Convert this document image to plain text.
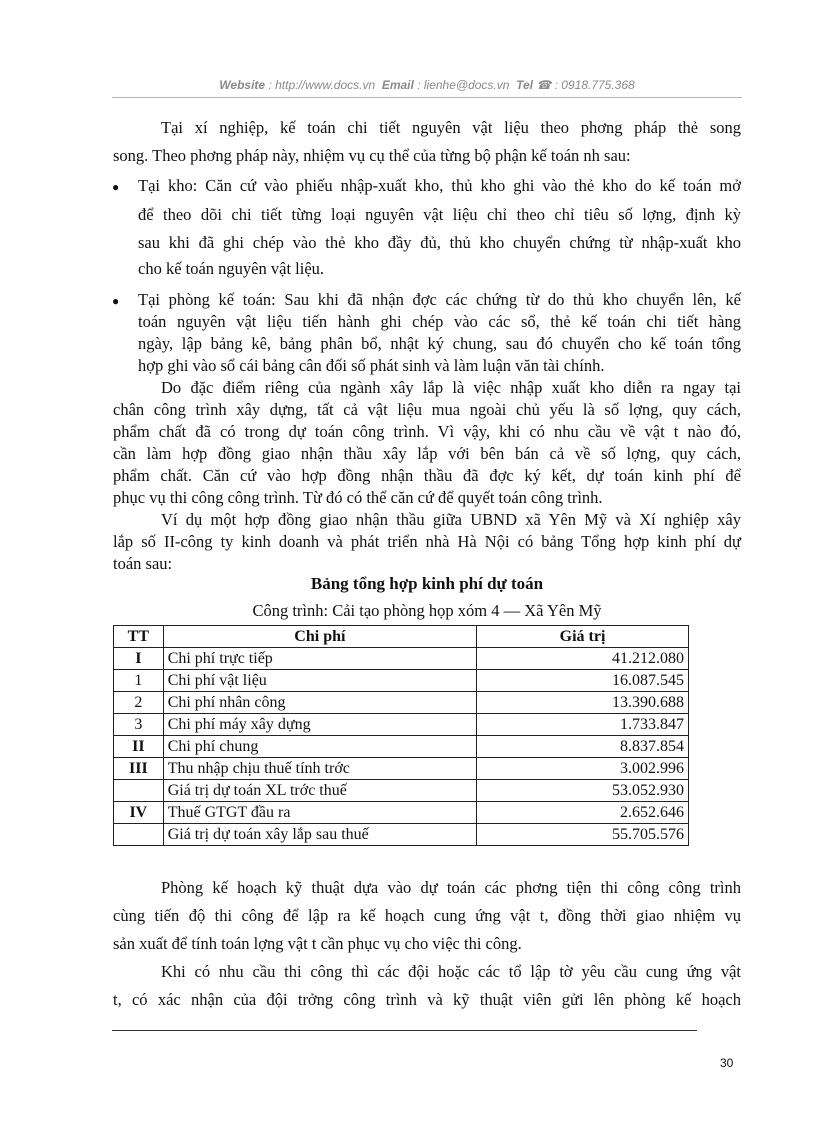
Website : http://www.docs.vn Email : lienhe@docs.vn Tel ☎ : 0918.775.368

Tại xí nghiệp, kế toán chi tiết nguyên vật liệu theo phơng pháp thẻ song

song. Theo phơng pháp này, nhiệm vụ cụ thể của từng bộ phận kế toán nh sau:

● Tại kho: Căn cứ vào phiếu nhập-xuất kho, thủ kho ghi vào thẻ kho do kế toán mở

để theo dõi chi tiết từng loại nguyên vật liệu chỉ theo chỉ tiêu số lợng, định kỳ

sau khi đã ghi chép vào thẻ kho đầy đủ, thủ kho chuyển chứng từ nhập-xuất kho

cho kế toán nguyên vật liệu.

● Tại phòng kế toán: Sau khi đã nhận đợc các chứng từ do thủ kho chuyển lên, kế

toán nguyên vật liệu tiến hành ghi chép vào các sổ, thẻ kế toán chi tiết hàng

ngày, lập bảng kê, bảng phân bổ, nhật ký chung, sau đó chuyển cho kế toán tổng

hợp ghi vào sổ cái bảng cân đối số phát sinh và làm luận văn tài chính.

Do đặc điểm riêng của ngành xây lắp là việc nhập xuất kho diễn ra ngay tại

chân công trình xây dựng, tất cả vật liệu mua ngoài chủ yếu là số lợng, quy cách,

phẩm chất đã có trong dự toán công trình. Vì vậy, khi có nhu cầu về vật t nào đó,

cần làm hợp đồng giao nhận thầu xây lắp với bên bán cả về số lợng, quy cách,

phẩm chất. Căn cứ vào hợp đồng nhận thầu đã đợc ký kết, dự toán kinh phí để

phục vụ thi công công trình. Từ đó có thể căn cứ để quyết toán công trình.

Ví dụ một hợp đồng giao nhận thầu giữa UBND xã Yên Mỹ và Xí nghiệp xây

lắp số II-công ty kinh doanh và phát triển nhà Hà Nội có bảng Tổng hợp kinh phí dự

toán sau:

Bảng tổng hợp kinh phí dự toán
Công trình: Cải tạo phòng họp xóm 4 — Xã Yên Mỹ
TT	Chi phí	Giá trị
I	Chi phí trực tiếp	41.212.080
1	Chi phí vật liệu	16.087.545
2	Chi phí nhân công	13.390.688
3	Chi phí máy xây dựng	1.733.847
II	Chi phí chung	8.837.854
III	Thu nhập chịu thuế tính trớc	3.002.996
	Giá trị dự toán XL trớc thuế	53.052.930
IV	Thuế GTGT đầu ra	2.652.646
	Giá trị dự toán xây lắp sau thuế	55.705.576

Phòng kế hoạch kỹ thuật dựa vào dự toán các phơng tiện thi công công trình

cùng tiến độ thi công để lập ra kế hoạch cung ứng vật t, đồng thời giao nhiệm vụ

sản xuất để tính toán lợng vật t cần phục vụ cho việc thi công.

Khi có nhu cầu thi công thì các đội hoặc các tổ lập tờ yêu cầu cung ứng vật

t, có xác nhận của đội trởng công trình và kỹ thuật viên gửi lên phòng kế hoạch

30
